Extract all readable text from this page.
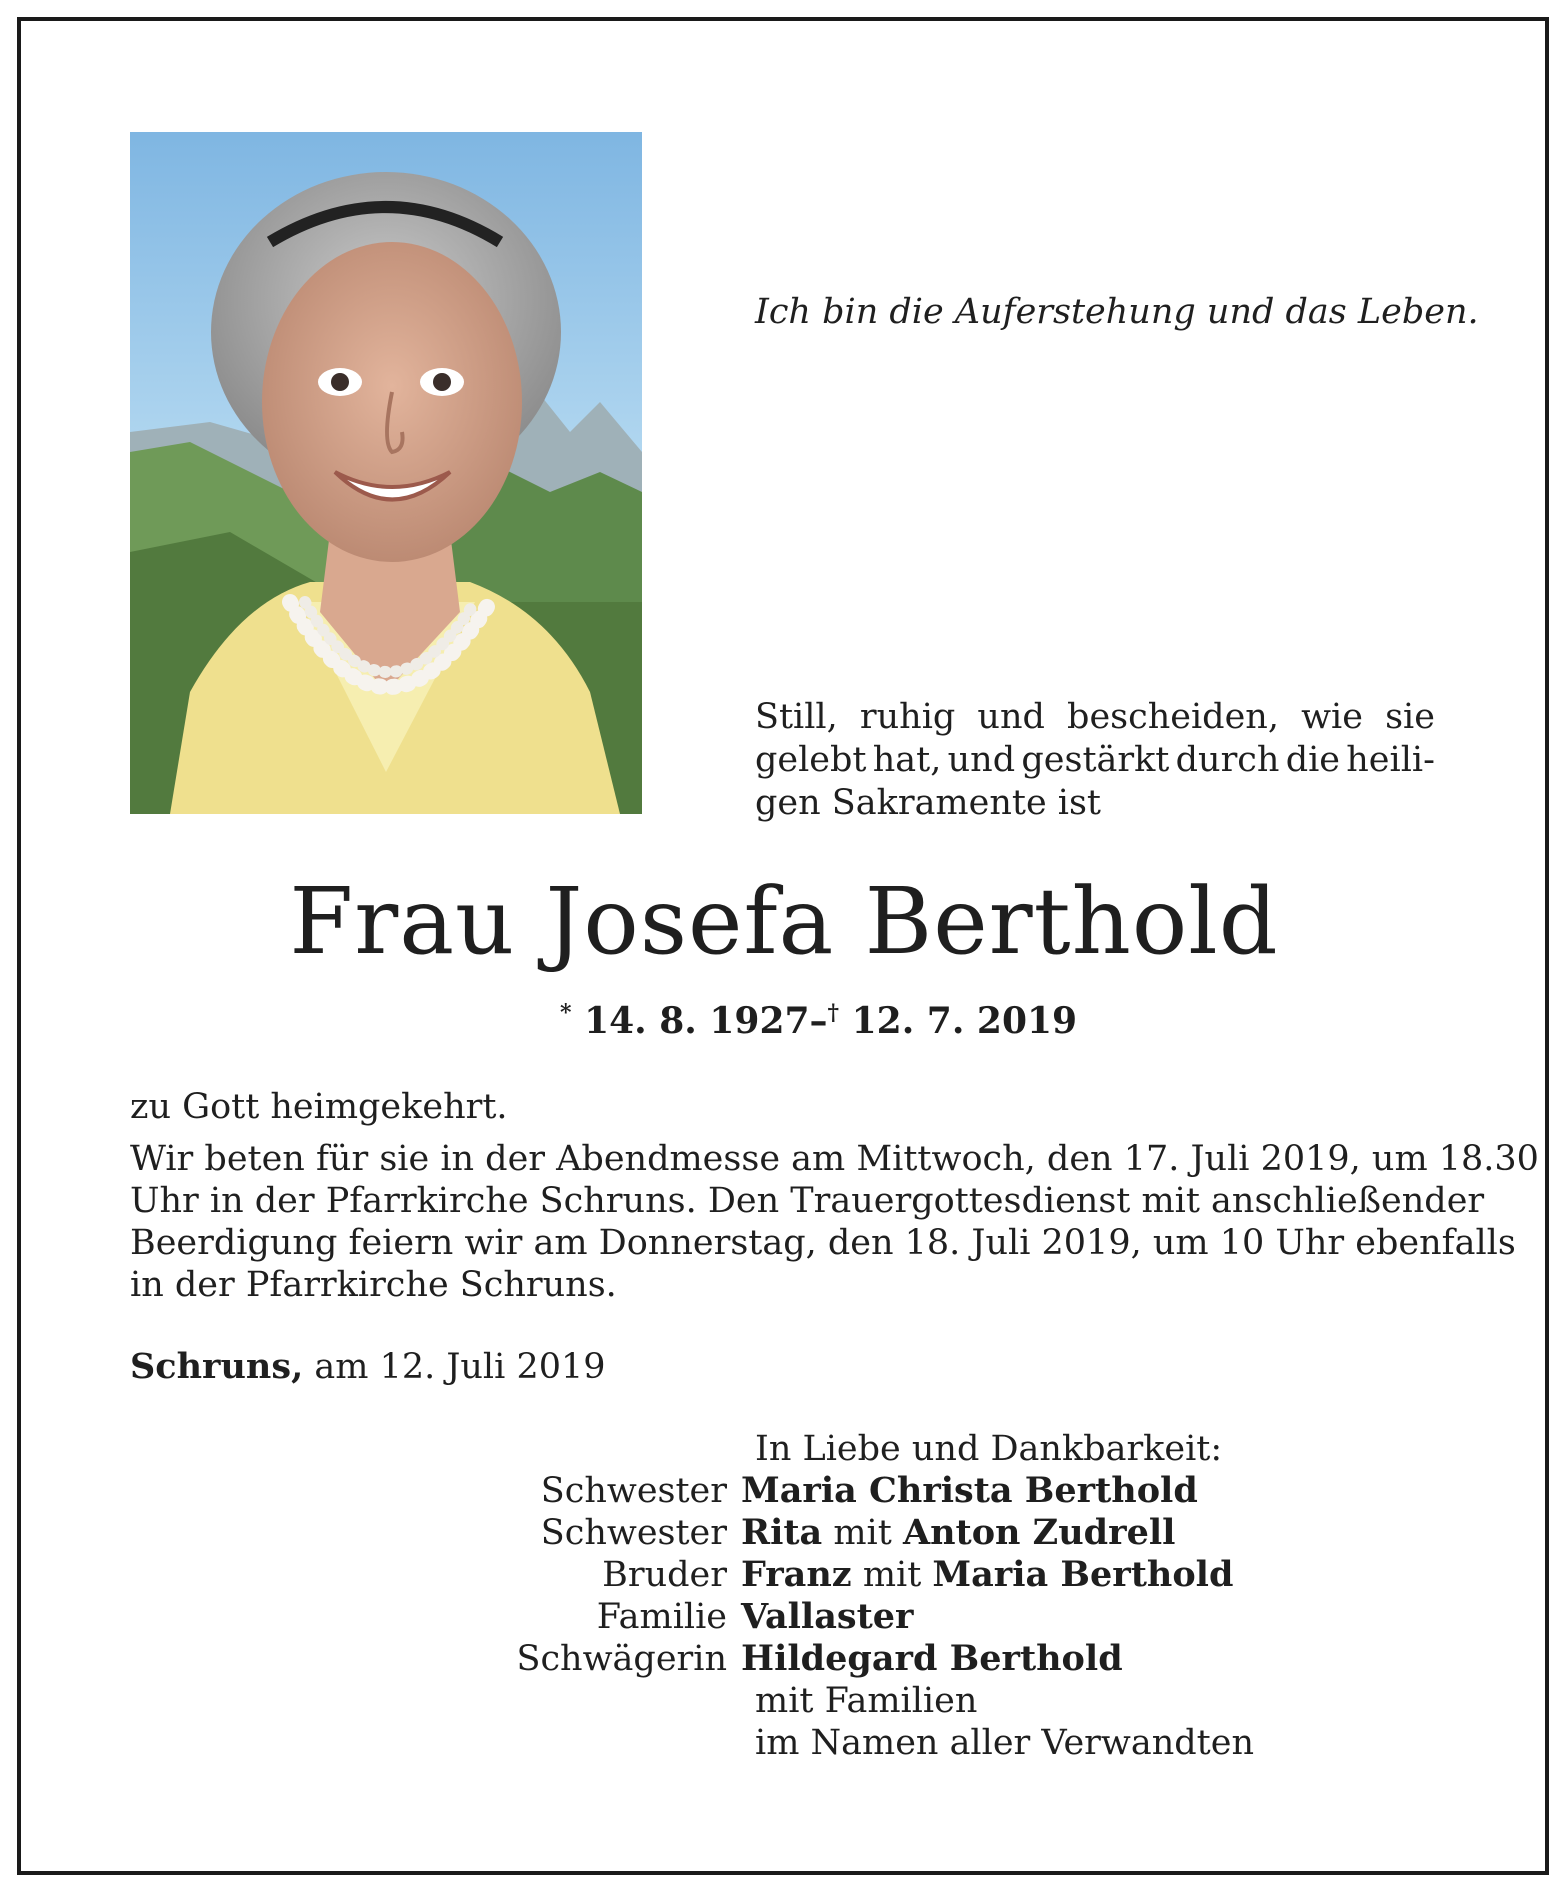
Ich bin die Auferstehung und das Leben.
Still, ruhig und bescheiden, wie sie
gelebt hat, und gestärkt durch die heili-
gen Sakramente ist
Frau Josefa Berthold
* 14. 8. 1927–† 12. 7. 2019
zu Gott heimgekehrt.
Wir beten für sie in der Abendmesse am Mittwoch, den 17. Juli 2019, um 18.30
Uhr in der Pfarrkirche Schruns. Den Trauergottesdienst mit anschließender
Beerdigung feiern wir am Donnerstag, den 18. Juli 2019, um 10 Uhr ebenfalls
in der Pfarrkirche Schruns.
Schruns, am 12. Juli 2019
In Liebe und Dankbarkeit:
Schwester Maria Christa Berthold
Schwester Rita mit Anton Zudrell
Bruder Franz mit Maria Berthold
Familie Vallaster
Schwägerin Hildegard Berthold
mit Familien
im Namen aller Verwandten
